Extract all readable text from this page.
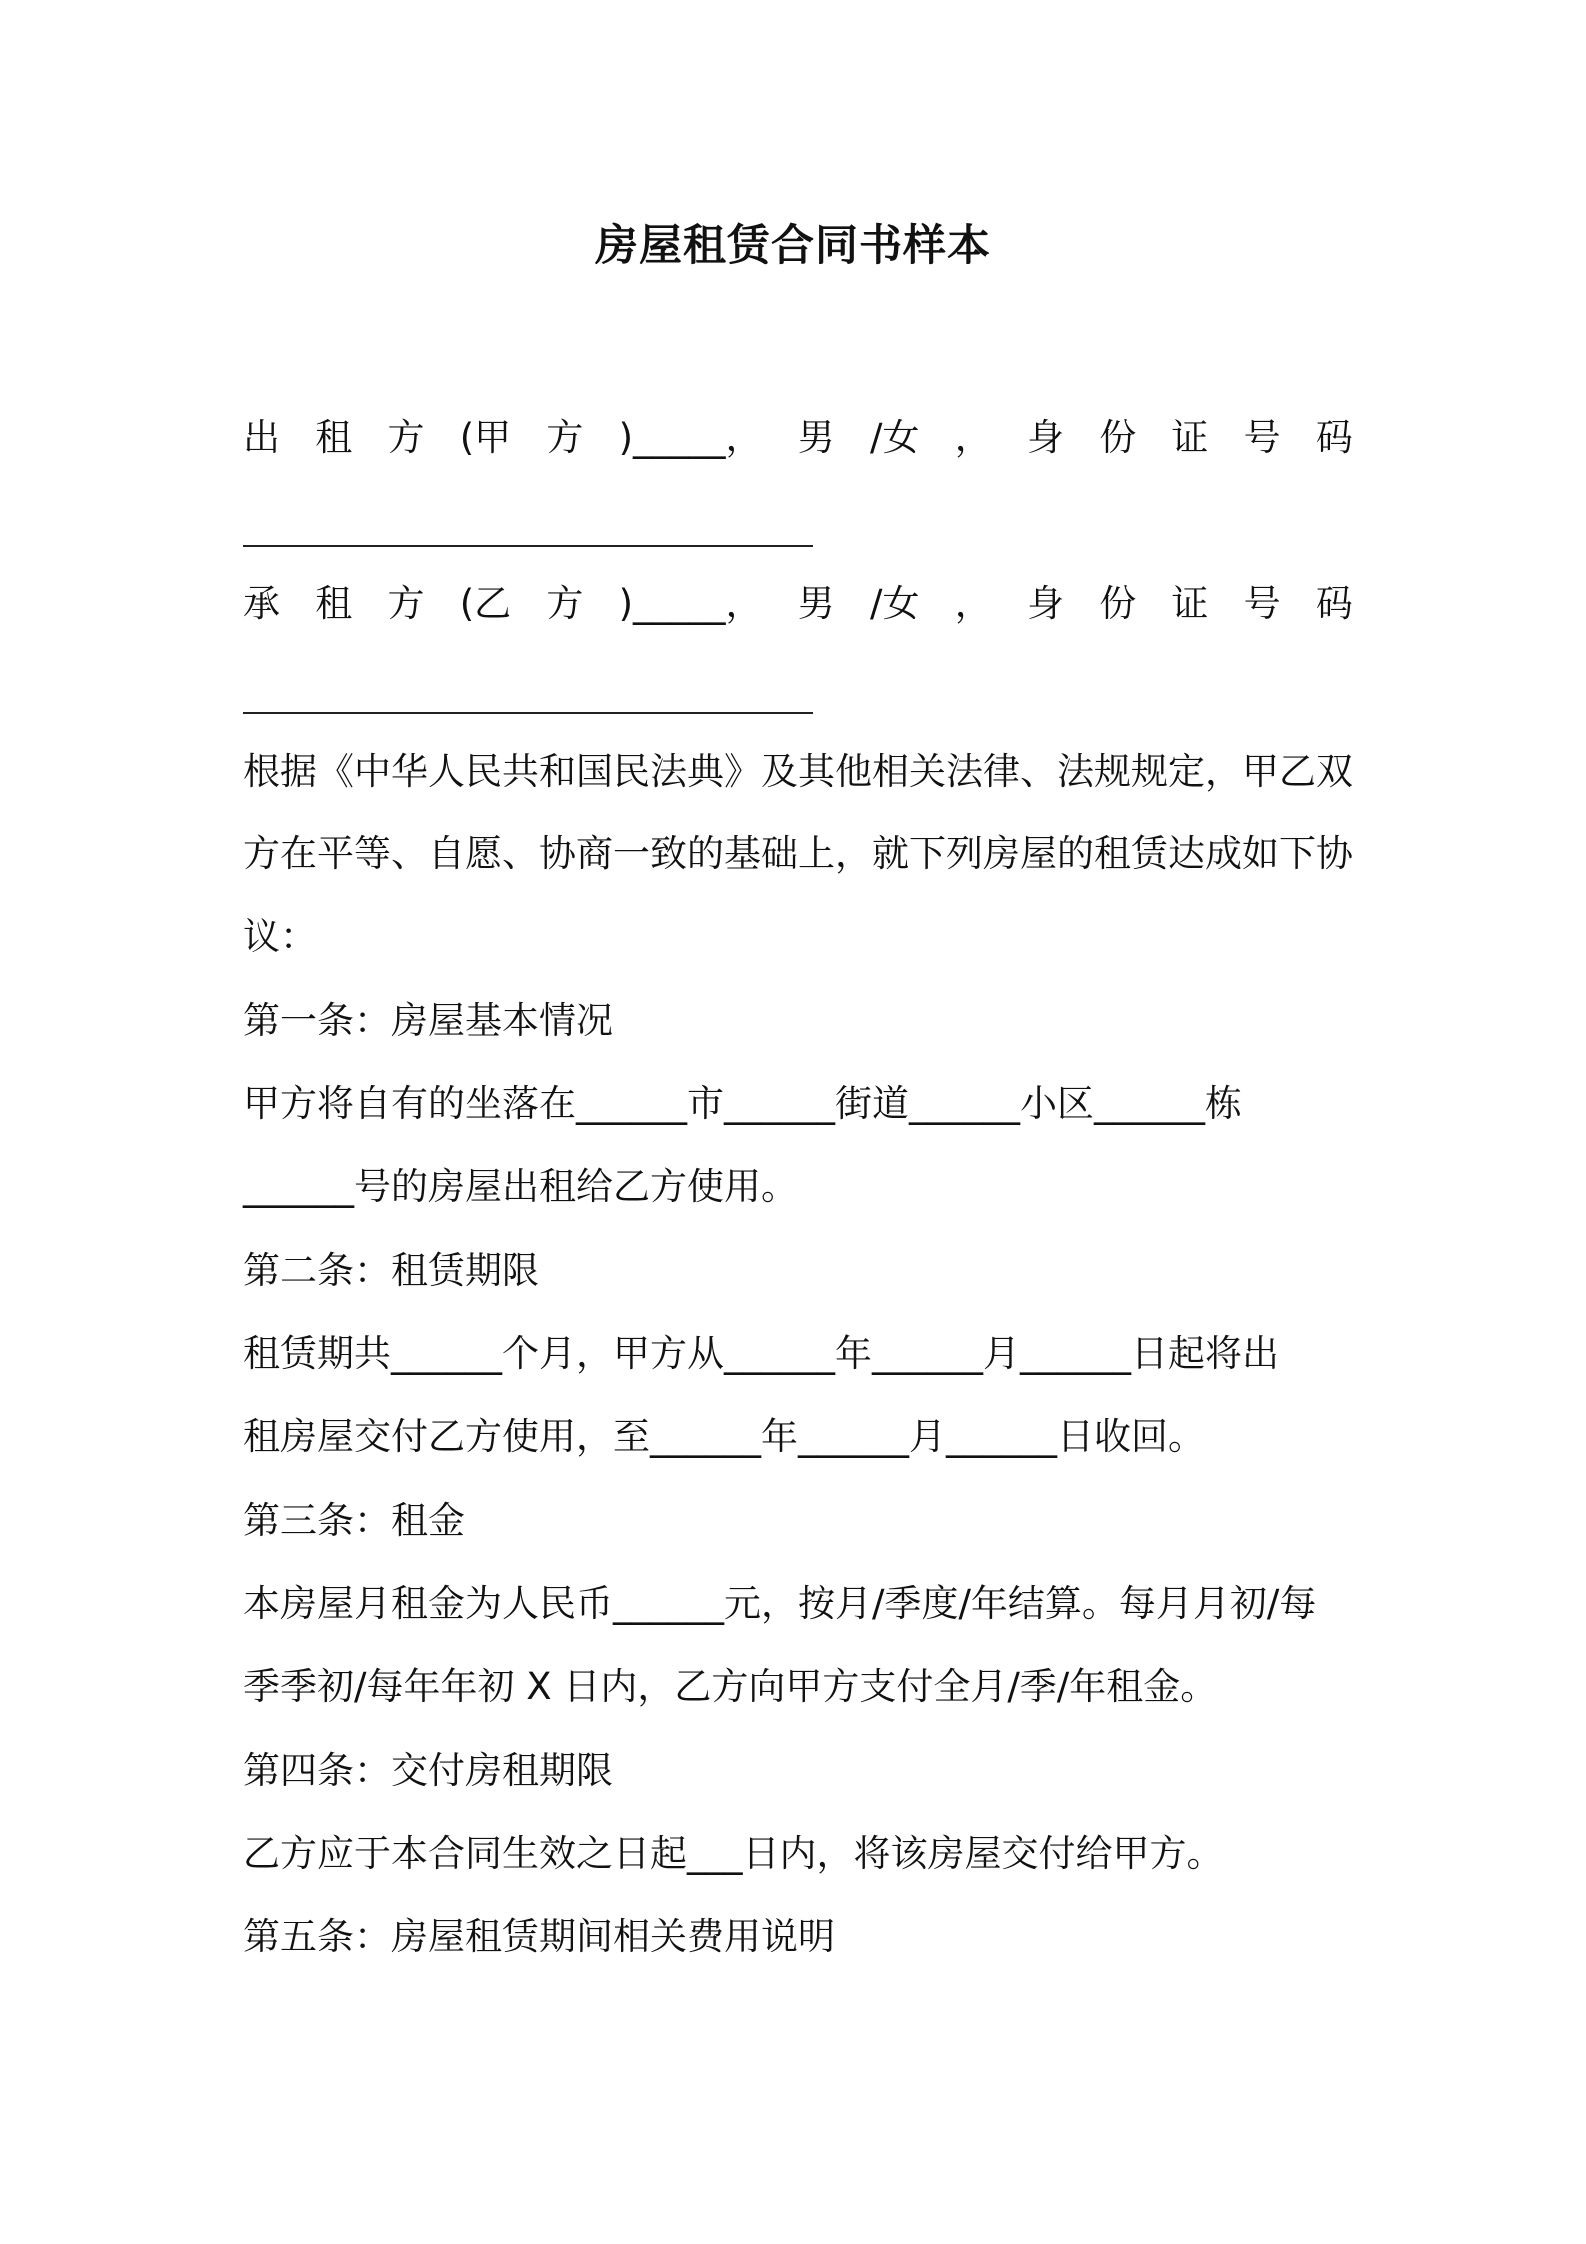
房屋租赁合同书样本
出 租 方 (甲 方 )_____， 男 /女 ， 身 份 证 号 码
承 租 方 (乙 方 )_____， 男 /女 ， 身 份 证 号 码
根据《中华人民共和国民法典》及其他相关法律、法规规定，甲乙双
方在平等、自愿、协商一致的基础上，就下列房屋的租赁达成如下协
议：
第一条：房屋基本情况
甲方将自有的坐落在______市______街道______小区______栋
______号的房屋出租给乙方使用。
第二条：租赁期限
租赁期共______个月，甲方从______年______月______日起将出
租房屋交付乙方使用，至______年______月______日收回。
第三条：租金
本房屋月租金为人民币______元，按月/季度/年结算。每月月初/每
季季初/每年年初 X 日内，乙方向甲方支付全月/季/年租金。
第四条：交付房租期限
乙方应于本合同生效之日起___日内，将该房屋交付给甲方。
第五条：房屋租赁期间相关费用说明
